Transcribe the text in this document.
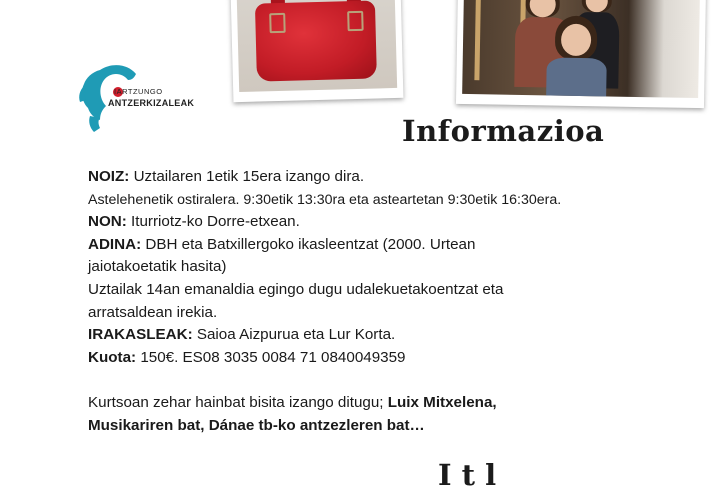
IARTZUNGO
ANTZERKIZALEAK
Informazioa

NOIZ: Uztailaren 1etik 15era izango dira.

Astelehenetik ostiralera. 9:30etik 13:30ra eta asteartetan 9:30etik 16:30era.

NON: Iturriotz-ko Dorre-etxean.

ADINA: DBH eta Batxillergoko ikasleentzat (2000. Urtean

jaiotakoetatik hasita)

Uztailak 14an emanaldia egingo dugu udalekuetakoentzat eta

arratsaldean irekia.

IRAKASLEAK: Saioa Aizpurua eta Lur Korta.

Kuota: 150€. ES08 3035 0084 71 0840049359

Kurtsoan zehar hainbat bisita izango ditugu; Luix Mitxelena,

Musikariren bat, Dánae tb-ko antzezleren bat…

I t l
